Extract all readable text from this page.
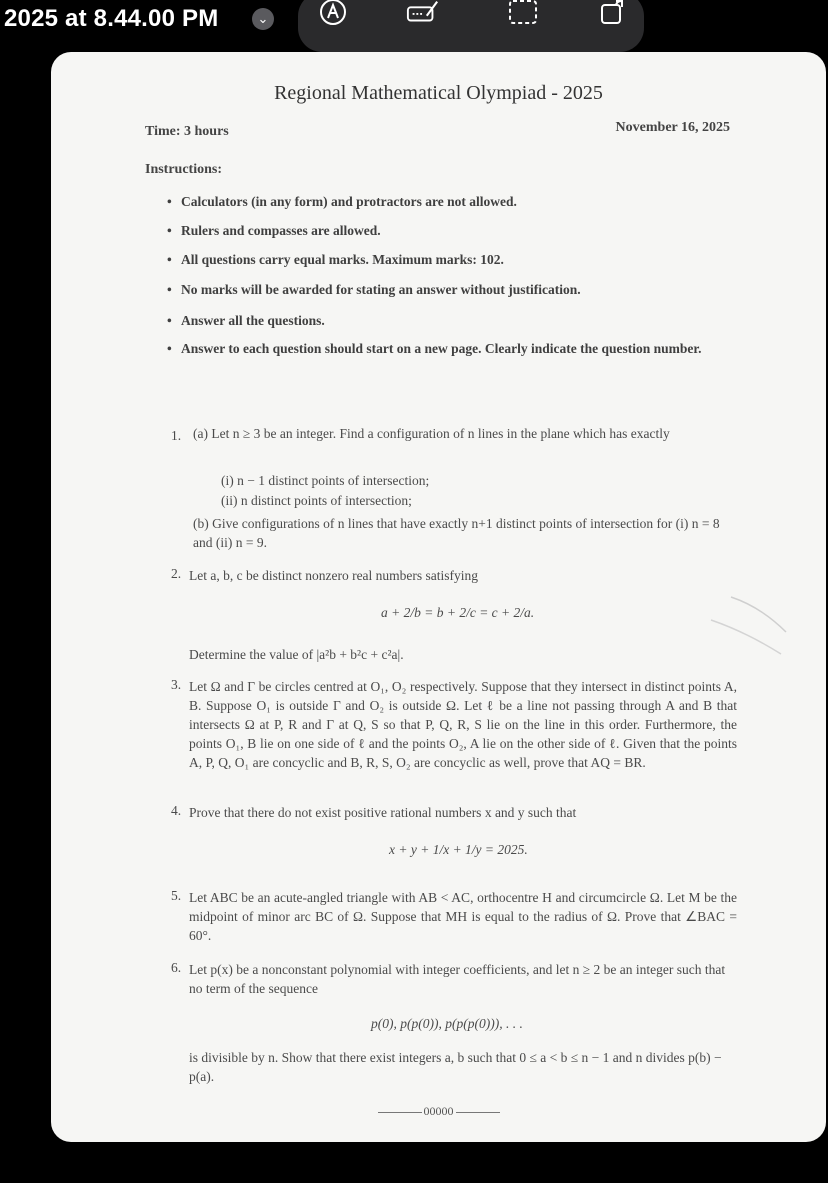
2025 at 8.44.00 PM	⌄
Regional Mathematical Olympiad - 2025
Time: 3 hours	November 16, 2025
Instructions:
• Calculators (in any form) and protractors are not allowed.
• Rulers and compasses are allowed.
• All questions carry equal marks. Maximum marks: 102.
• No marks will be awarded for stating an answer without justification.
• Answer all the questions.
• Answer to each question should start on a new page. Clearly indicate the question number.
1. (a) Let n ≥ 3 be an integer. Find a configuration of n lines in the plane which has exactly
(i) n − 1 distinct points of intersection;
(ii) n distinct points of intersection;
(b) Give configurations of n lines that have exactly n+1 distinct points of intersection for (i) n = 8 and (ii) n = 9.
2. Let a, b, c be distinct nonzero real numbers satisfying
a + 2/b = b + 2/c = c + 2/a.
Determine the value of |a²b + b²c + c²a|.
3. Let Ω and Γ be circles centred at O₁, O₂ respectively. Suppose that they intersect in distinct points A, B. Suppose O₁ is outside Γ and O₂ is outside Ω. Let ℓ be a line not passing through A and B that intersects Ω at P, R and Γ at Q, S so that P, Q, R, S lie on the line in this order. Furthermore, the points O₁, B lie on one side of ℓ and the points O₂, A lie on the other side of ℓ. Given that the points A, P, Q, O₁ are concyclic and B, R, S, O₂ are concyclic as well, prove that AQ = BR.
4. Prove that there do not exist positive rational numbers x and y such that
x + y + 1/x + 1/y = 2025.
5. Let ABC be an acute-angled triangle with AB < AC, orthocentre H and circumcircle Ω. Let M be the midpoint of minor arc BC of Ω. Suppose that MH is equal to the radius of Ω. Prove that ∠BAC = 60°.
6. Let p(x) be a nonconstant polynomial with integer coefficients, and let n ≥ 2 be an integer such that no term of the sequence
p(0), p(p(0)), p(p(p(0))), . . .
is divisible by n. Show that there exist integers a, b such that 0 ≤ a < b ≤ n − 1 and n divides p(b) − p(a).
00000
